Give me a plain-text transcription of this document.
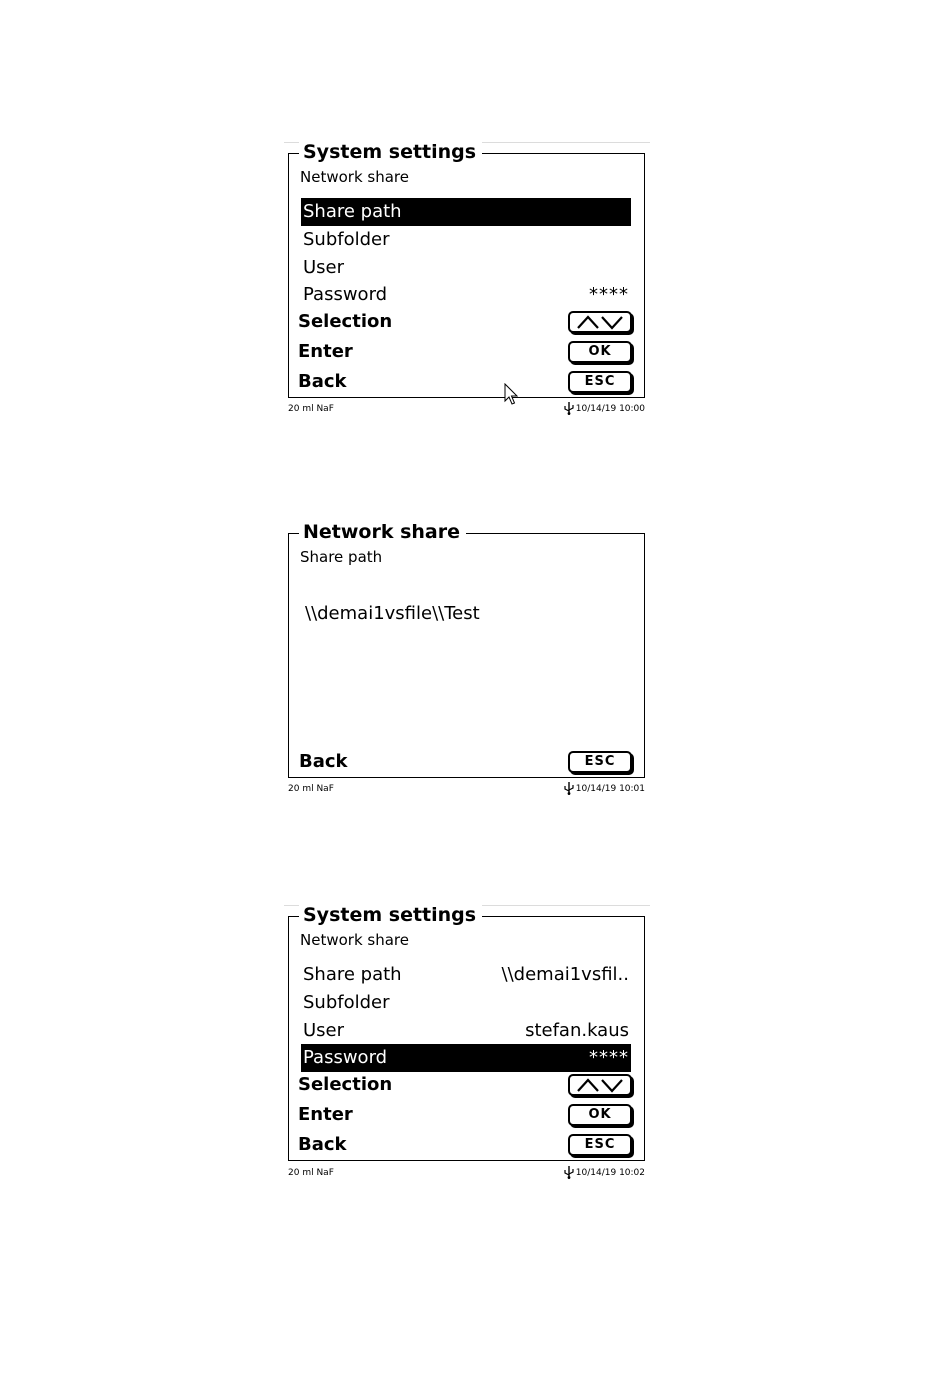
System settings
Network share
Share path
Subfolder
User
Password	****
Selection
Enter	OK
Back	ESC
20 ml NaF	10/14/19 10:00
Network share
Share path
\\demai1vsfile\\Test
Back	ESC
20 ml NaF	10/14/19 10:01
System settings
Network share
Share path	\\demai1vsfil..
Subfolder
User	stefan.kaus
Password	****
Selection
Enter	OK
Back	ESC
20 ml NaF	10/14/19 10:02
